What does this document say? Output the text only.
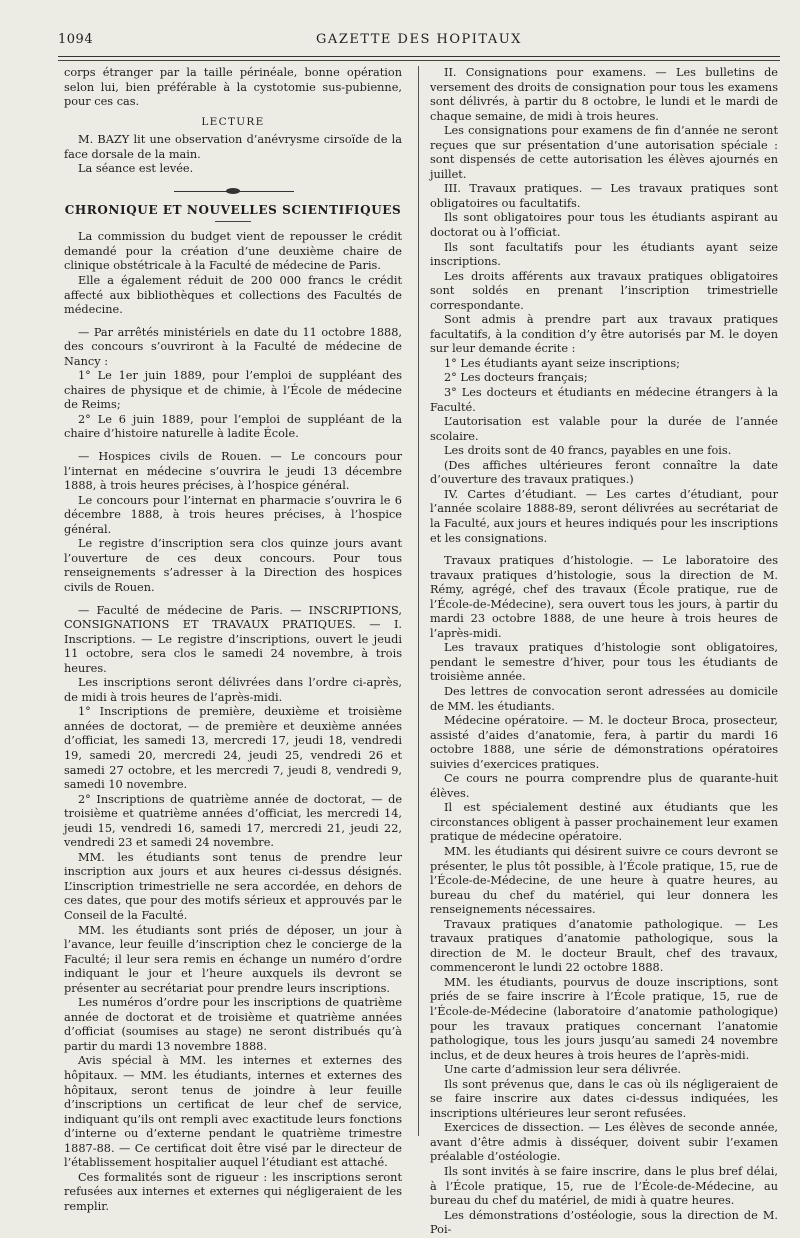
1094	GAZETTE DES HOPITAUX

corps étranger par la taille périnéale, bonne opération selon lui, bien préférable à la cystotomie sus-pubienne, pour ces cas.

LECTURE

M. BAZY lit une observation d’anévrysme cirsoïde de la face dorsale de la main.

La séance est levée.

CHRONIQUE ET NOUVELLES SCIENTIFIQUES

La commission du budget vient de repousser le crédit demandé pour la création d’une deuxième chaire de clinique obstétricale à la Faculté de médecine de Paris.

Elle a également réduit de 200 000 francs le crédit affecté aux bibliothèques et collections des Facultés de médecine.

— Par arrêtés ministériels en date du 11 octobre 1888, des concours s’ouvriront à la Faculté de médecine de Nancy :

1° Le 1er juin 1889, pour l’emploi de suppléant des chaires de physique et de chimie, à l’École de médecine de Reims;

2° Le 6 juin 1889, pour l’emploi de suppléant de la chaire d’histoire naturelle à ladite École.

— Hospices civils de Rouen. — Le concours pour l’internat en médecine s’ouvrira le jeudi 13 décembre 1888, à trois heures précises, à l’hospice général.

Le concours pour l’internat en pharmacie s’ouvrira le 6 décembre 1888, à trois heures précises, à l’hospice général.

Le registre d’inscription sera clos quinze jours avant l’ouverture de ces deux concours. Pour tous renseignements s’adresser à la Direction des hospices civils de Rouen.

— Faculté de médecine de Paris. — INSCRIPTIONS, CONSIGNATIONS ET TRAVAUX PRATIQUES. — I. Inscriptions. — Le registre d’inscriptions, ouvert le jeudi 11 octobre, sera clos le samedi 24 novembre, à trois heures.

Les inscriptions seront délivrées dans l’ordre ci-après, de midi à trois heures de l’après-midi.

1° Inscriptions de première, deuxième et troisième années de doctorat, — de première et deuxième années d’officiat, les samedi 13, mercredi 17, jeudi 18, vendredi 19, samedi 20, mercredi 24, jeudi 25, vendredi 26 et samedi 27 octobre, et les mercredi 7, jeudi 8, vendredi 9, samedi 10 novembre.

2° Inscriptions de quatrième année de doctorat, — de troisième et quatrième années d’officiat, les mercredi 14, jeudi 15, vendredi 16, samedi 17, mercredi 21, jeudi 22, vendredi 23 et samedi 24 novembre.

MM. les étudiants sont tenus de prendre leur inscription aux jours et aux heures ci-dessus désignés. L’inscription trimestrielle ne sera accordée, en dehors de ces dates, que pour des motifs sérieux et approuvés par le Conseil de la Faculté.

MM. les étudiants sont priés de déposer, un jour à l’avance, leur feuille d’inscription chez le concierge de la Faculté; il leur sera remis en échange un numéro d’ordre indiquant le jour et l’heure auxquels ils devront se présenter au secrétariat pour prendre leurs inscriptions.

Les numéros d’ordre pour les inscriptions de quatrième année de doctorat et de troisième et quatrième années d’officiat (soumises au stage) ne seront distribués qu’à partir du mardi 13 novembre 1888.

Avis spécial à MM. les internes et externes des hôpitaux. — MM. les étudiants, internes et externes des hôpitaux, seront tenus de joindre à leur feuille d’inscriptions un certificat de leur chef de service, indiquant qu’ils ont rempli avec exactitude leurs fonctions d’interne ou d’externe pendant le quatrième trimestre 1887-88. — Ce certificat doit être visé par le directeur de l’établissement hospitalier auquel l’étudiant est attaché.

Ces formalités sont de rigueur : les inscriptions seront refusées aux internes et externes qui négligeraient de les remplir.

II. Consignations pour examens. — Les bulletins de versement des droits de consignation pour tous les examens sont délivrés, à partir du 8 octobre, le lundi et le mardi de chaque semaine, de midi à trois heures.

Les consignations pour examens de fin d’année ne seront reçues que sur présentation d’une autorisation spéciale : sont dispensés de cette autorisation les élèves ajournés en juillet.

III. Travaux pratiques. — Les travaux pratiques sont obligatoires ou facultatifs.

Ils sont obligatoires pour tous les étudiants aspirant au doctorat ou à l’officiat.

Ils sont facultatifs pour les étudiants ayant seize inscriptions.

Les droits afférents aux travaux pratiques obligatoires sont soldés en prenant l’inscription trimestrielle correspondante.

Sont admis à prendre part aux travaux pratiques facultatifs, à la condition d’y être autorisés par M. le doyen sur leur demande écrite :

1° Les étudiants ayant seize inscriptions;

2° Les docteurs français;

3° Les docteurs et étudiants en médecine étrangers à la Faculté.

L’autorisation est valable pour la durée de l’année scolaire.

Les droits sont de 40 francs, payables en une fois.

(Des affiches ultérieures feront connaître la date d’ouverture des travaux pratiques.)

IV. Cartes d’étudiant. — Les cartes d’étudiant, pour l’année scolaire 1888-89, seront délivrées au secrétariat de la Faculté, aux jours et heures indiqués pour les inscriptions et les consignations.

Travaux pratiques d’histologie. — Le laboratoire des travaux pratiques d’histologie, sous la direction de M. Rémy, agrégé, chef des travaux (École pratique, rue de l’École-de-Médecine), sera ouvert tous les jours, à partir du mardi 23 octobre 1888, de une heure à trois heures de l’après-midi.

Les travaux pratiques d’histologie sont obligatoires, pendant le semestre d’hiver, pour tous les étudiants de troisième année.

Des lettres de convocation seront adressées au domicile de MM. les étudiants.

Médecine opératoire. — M. le docteur Broca, prosecteur, assisté d’aides d’anatomie, fera, à partir du mardi 16 octobre 1888, une série de démonstrations opératoires suivies d’exercices pratiques.

Ce cours ne pourra comprendre plus de quarante-huit élèves.

Il est spécialement destiné aux étudiants que les circonstances obligent à passer prochainement leur examen pratique de médecine opératoire.

MM. les étudiants qui désirent suivre ce cours devront se présenter, le plus tôt possible, à l’École pratique, 15, rue de l’École-de-Médecine, de une heure à quatre heures, au bureau du chef du matériel, qui leur donnera les renseignements nécessaires.

Travaux pratiques d’anatomie pathologique. — Les travaux pratiques d’anatomie pathologique, sous la direction de M. le docteur Brault, chef des travaux, commenceront le lundi 22 octobre 1888.

MM. les étudiants, pourvus de douze inscriptions, sont priés de se faire inscrire à l’École pratique, 15, rue de l’École-de-Médecine (laboratoire d’anatomie pathologique) pour les travaux pratiques concernant l’anatomie pathologique, tous les jours jusqu’au samedi 24 novembre inclus, et de deux heures à trois heures de l’après-midi.

Une carte d’admission leur sera délivrée.

Ils sont prévenus que, dans le cas où ils négligeraient de se faire inscrire aux dates ci-dessus indiquées, les inscriptions ultérieures leur seront refusées.

Exercices de dissection. — Les élèves de seconde année, avant d’être admis à disséquer, doivent subir l’examen préalable d’ostéologie.

Ils sont invités à se faire inscrire, dans le plus bref délai, à l’École pratique, 15, rue de l’École-de-Médecine, au bureau du chef du matériel, de midi à quatre heures.

Les démonstrations d’ostéologie, sous la direction de M. Poi-
